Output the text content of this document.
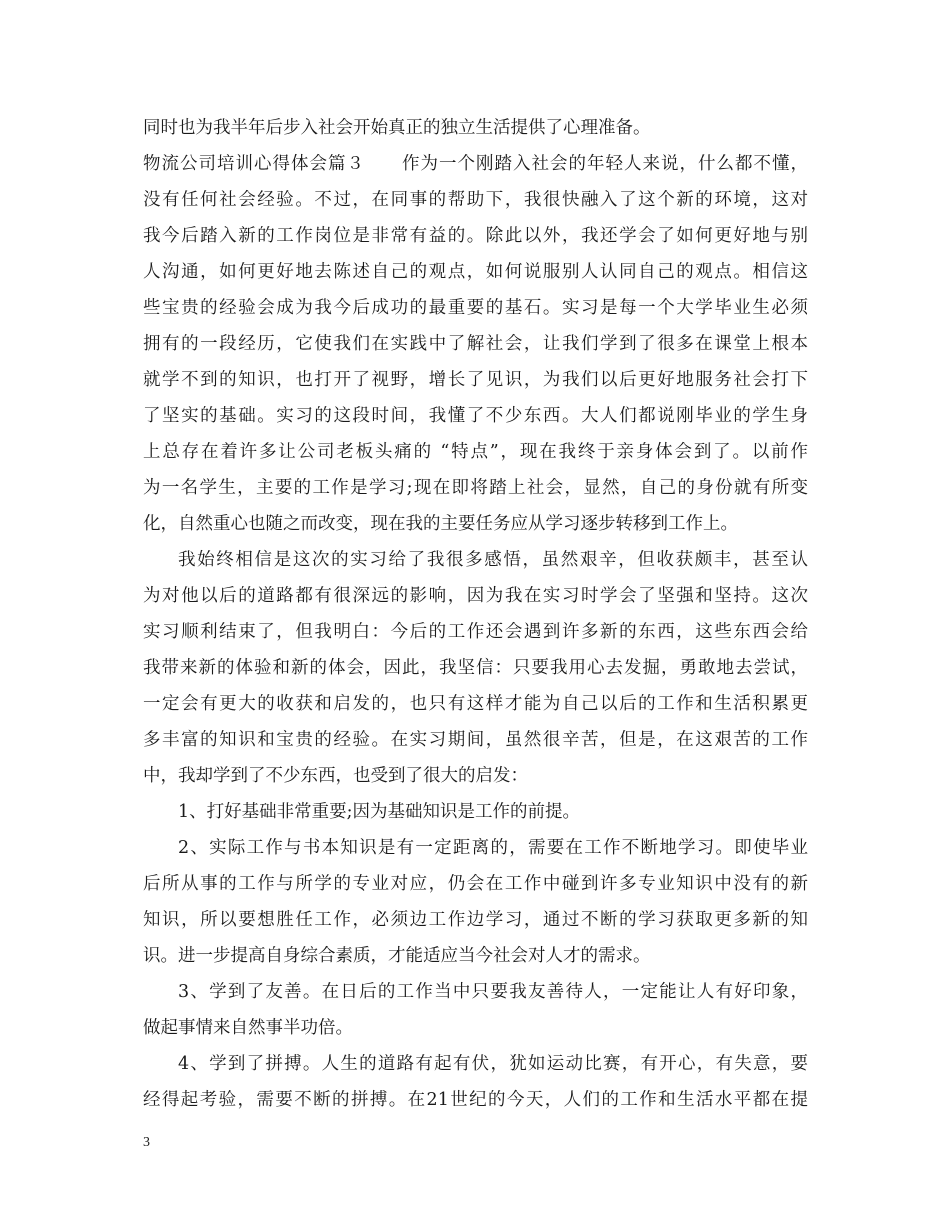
同时也为我半年后步入社会开始真正的独立生活提供了心理准备。
物流公司培训心得体会篇３　　作为一个刚踏入社会的年轻人来说，什么都不懂，
没有任何社会经验。不过，在同事的帮助下，我很快融入了这个新的环境，这对
我今后踏入新的工作岗位是非常有益的。除此以外，我还学会了如何更好地与别
人沟通，如何更好地去陈述自己的观点，如何说服别人认同自己的观点。相信这
些宝贵的经验会成为我今后成功的最重要的基石。实习是每一个大学毕业生必须
拥有的一段经历，它使我们在实践中了解社会，让我们学到了很多在课堂上根本
就学不到的知识，也打开了视野，增长了见识，为我们以后更好地服务社会打下
了坚实的基础。实习的这段时间，我懂了不少东西。大人们都说刚毕业的学生身
上总存在着许多让公司老板头痛的 “特点”，现在我终于亲身体会到了。以前作
为一名学生，主要的工作是学习;现在即将踏上社会，显然，自己的身份就有所变
化，自然重心也随之而改变，现在我的主要任务应从学习逐步转移到工作上。
我始终相信是这次的实习给了我很多感悟，虽然艰辛，但收获颇丰，甚至认
为对他以后的道路都有很深远的影响，因为我在实习时学会了坚强和坚持。这次
实习顺利结束了，但我明白：今后的工作还会遇到许多新的东西，这些东西会给
我带来新的体验和新的体会，因此，我坚信：只要我用心去发掘，勇敢地去尝试，
一定会有更大的收获和启发的，也只有这样才能为自己以后的工作和生活积累更
多丰富的知识和宝贵的经验。在实习期间，虽然很辛苦，但是，在这艰苦的工作
中，我却学到了不少东西，也受到了很大的启发：
1、打好基础非常重要;因为基础知识是工作的前提。
2、实际工作与书本知识是有一定距离的，需要在工作不断地学习。即使毕业
后所从事的工作与所学的专业对应，仍会在工作中碰到许多专业知识中没有的新
知识，所以要想胜任工作，必须边工作边学习，通过不断的学习获取更多新的知
识。进一步提高自身综合素质，才能适应当今社会对人才的需求。
3、学到了友善。在日后的工作当中只要我友善待人，一定能让人有好印象，
做起事情来自然事半功倍。
4、学到了拼搏。人生的道路有起有伏，犹如运动比赛，有开心，有失意，要
经得起考验，需要不断的拼搏。在21世纪的今天，人们的工作和生活水平都在提
3
